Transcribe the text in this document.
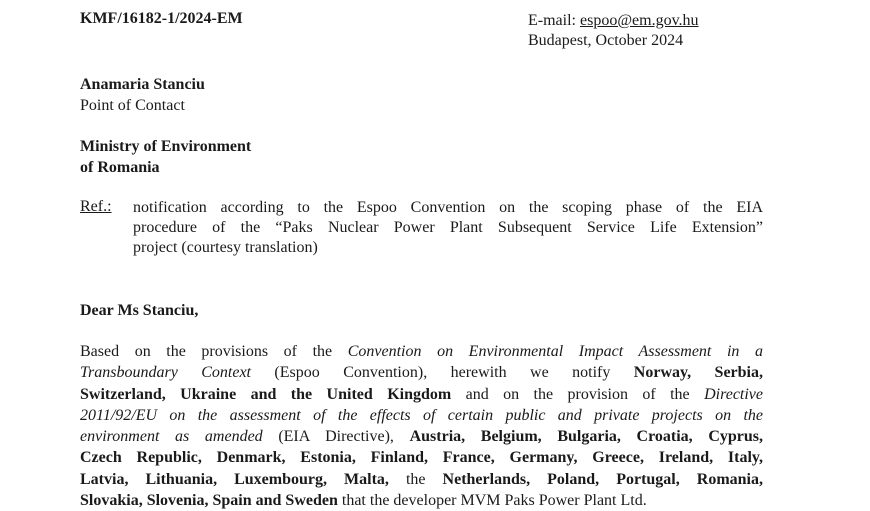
KMF/16182-1/2024-EM	E-mail: espoo@em.gov.hu
Budapest, October 2024
Anamaria Stanciu
Point of Contact
Ministry of Environment
of Romania
Ref.: notification according to the Espoo Convention on the scoping phase of the EIA
procedure of the “Paks Nuclear Power Plant Subsequent Service Life Extension”
project (courtesy translation)
Dear Ms Stanciu,
Based on the provisions of the Convention on Environmental Impact Assessment in a
Transboundary Context (Espoo Convention), herewith we notify Norway, Serbia,
Switzerland, Ukraine and the United Kingdom and on the provision of the Directive
2011/92/EU on the assessment of the effects of certain public and private projects on the
environment as amended (EIA Directive), Austria, Belgium, Bulgaria, Croatia, Cyprus,
Czech Republic, Denmark, Estonia, Finland, France, Germany, Greece, Ireland, Italy,
Latvia, Lithuania, Luxembourg, Malta, the Netherlands, Poland, Portugal, Romania,
Slovakia, Slovenia, Spain and Sweden that the developer MVM Paks Power Plant Ltd.
